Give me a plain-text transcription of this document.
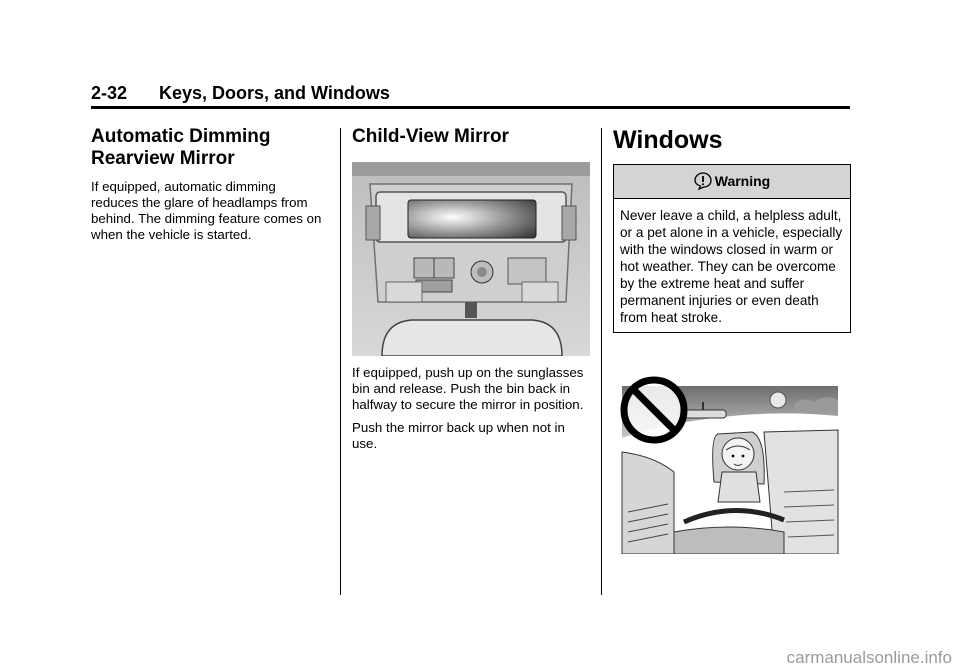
2-32 Keys, Doors, and Windows
Automatic Dimming
Rearview Mirror

If equipped, automatic dimming reduces the glare of headlamps from behind. The dimming feature comes on when the vehicle is started.

Child-View Mirror

If equipped, push up on the sunglasses bin and release. Push the bin back in halfway to secure the mirror in position.

Push the mirror back up when not in use.

Windows
Warning

Never leave a child, a helpless adult, or a pet alone in a vehicle, especially with the windows closed in warm or hot weather. They can be overcome by the extreme heat and suffer permanent injuries or even death from heat stroke.

carmanualsonline.info
